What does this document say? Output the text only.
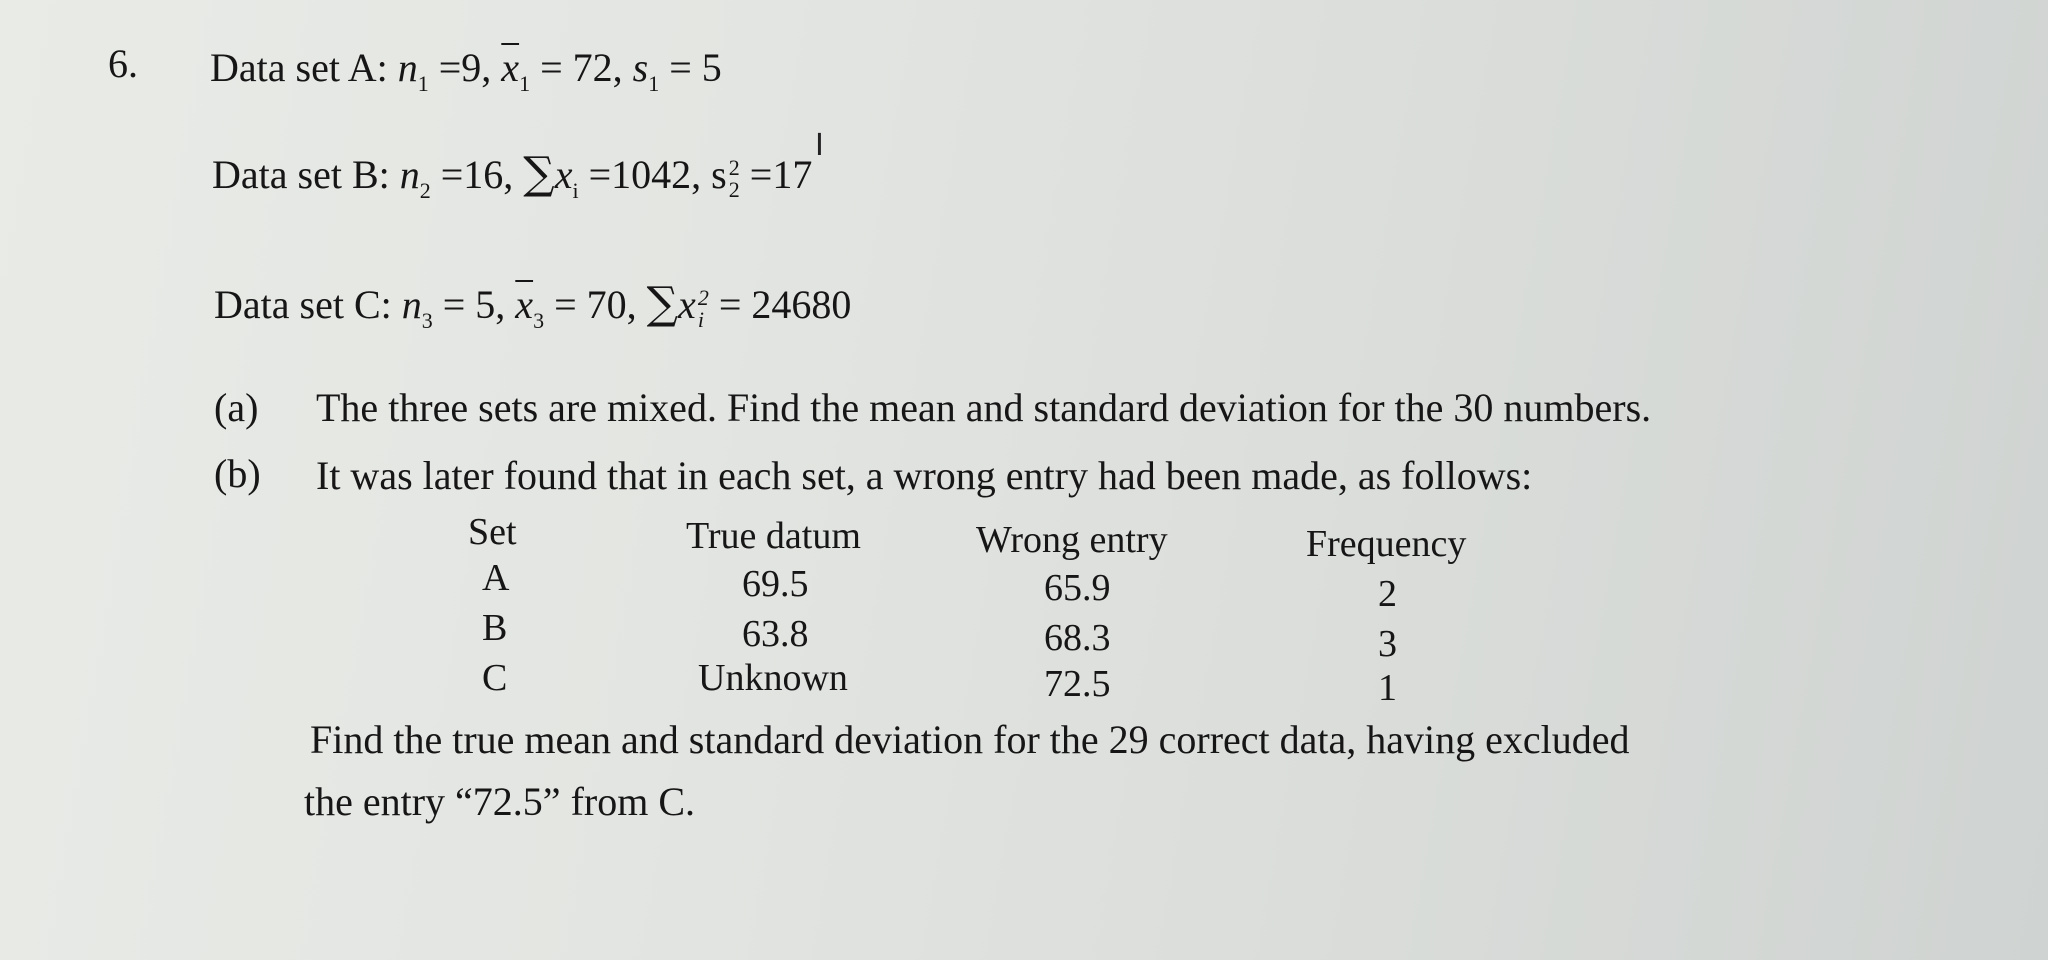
6. Data set A: $n_1 =9$, $\overline{x}_1 = 72$, $s_1 = 5$
Data set B: $n_2 =16$, $\sum x_i =1042$, s 2
2 =17
Ι
Data set C: $n_3 = 5$, $\overline{x}_3 = 70$, ∑x 2
i = 24680
(a) The three sets are mixed. Find the mean and standard deviation for the 30 numbers.
(b) It was later found that in each set, a wrong entry had been made, as follows:
Set	True datum	Wrong entry	Frequency
A	69.5	65.9	2
B	63.8	68.3	3
C	Unknown	72.5	1
Find the true mean and standard deviation for the 29 correct data, having excluded
the entry “72.5” from C.
